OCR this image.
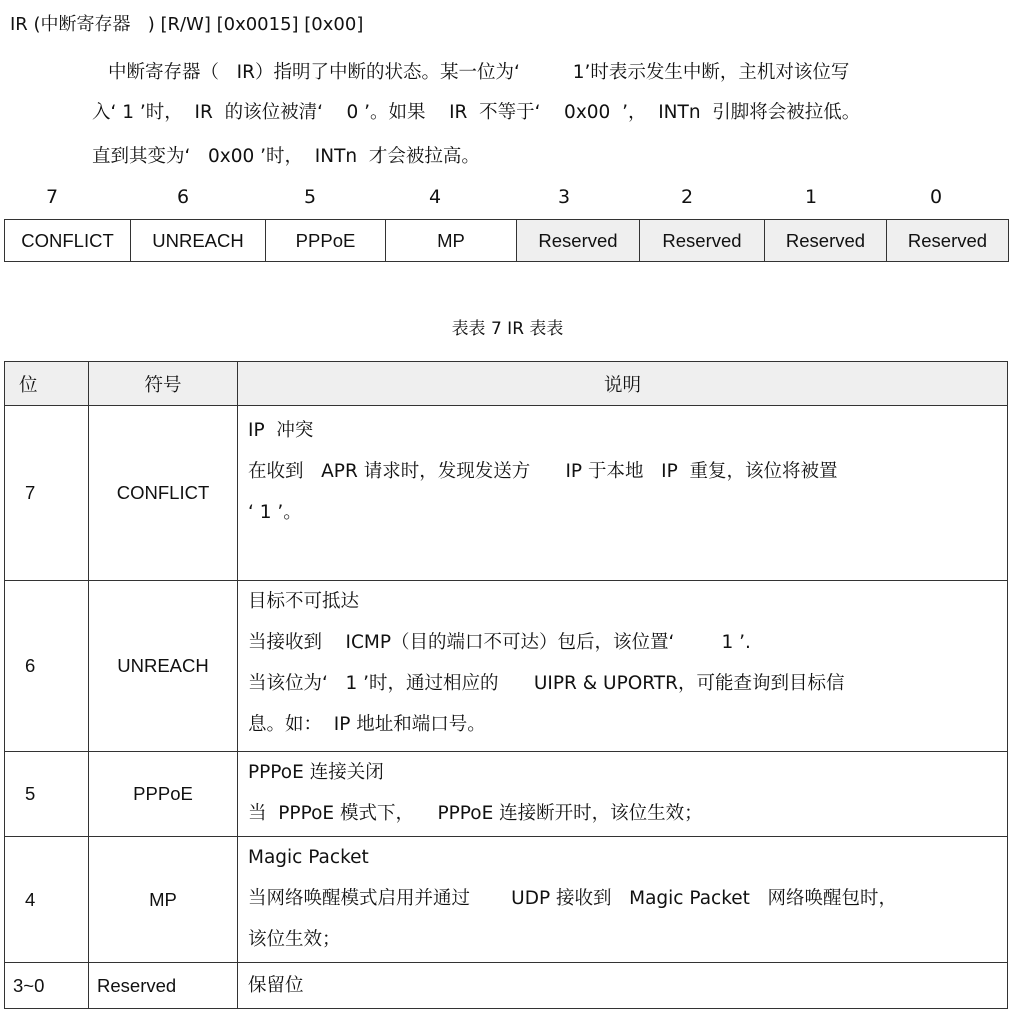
IR (中断寄存器   ) [R/W] [0x0015] [0x00]
中断寄存器（   IR）指明了中断的状态。某一位为‘         1’时表示发生中断，主机对该位写
入‘ 1 ’时，  IR  的该位被清‘    0 ’。如果    IR  不等于‘    0x00  ’，  INTn  引脚将会被拉低。
直到其变为‘   0x00 ’时，  INTn  才会被拉高。
7	6	5	4	3	2	1	0
CONFLICT	UNREACH	PPPoE	MP	Reserved	Reserved	Reserved	Reserved
表表 7 IR 表表
位	符号	说明
7	CONFLICT	IP  冲突
在收到   APR 请求时，发现发送方      IP 于本地   IP  重复，该位将被置
‘ 1 ’。

6	UNREACH	目标不可抵达
当接收到    ICMP（目的端口不可达）包后，该位置‘        1 ’.
当该位为‘   1 ’时，通过相应的      UIPR & UPORTR，可能查询到目标信
息。如：  IP 地址和端口号。

5	PPPoE	PPPoE 连接关闭
当  PPPoE 模式下，    PPPoE 连接断开时，该位生效；

4	MP	Magic Packet
当网络唤醒模式启用并通过       UDP 接收到   Magic Packet   网络唤醒包时，
该位生效；

3~0	Reserved	保留位
